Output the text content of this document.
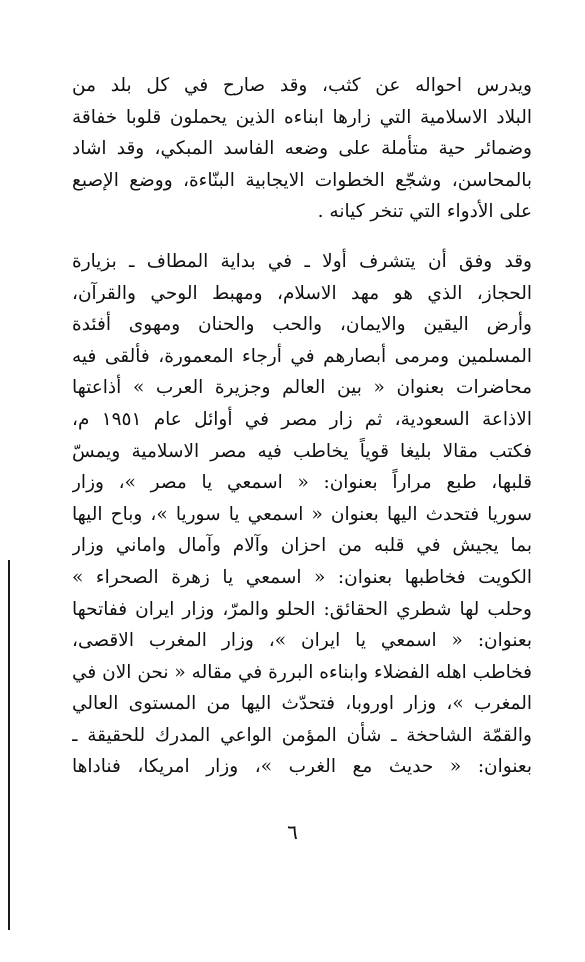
ويدرس احواله عن كثب، وقد صارح في كل بلد من
البلاد الاسلامية التي زارها ابناءه الذين يحملون قلوبا خفاقة
وضمائر حية متأملة على وضعه الفاسد المبكي، وقد اشاد
بالمحاسن، وشجّع الخطوات الايجابية البنّاءة، ووضع الإصبع
على الأدواء التي تنخر كيانه .

وقد وفق أن يتشرف أولا ـ في بداية المطاف ـ بزيارة
الحجاز، الذي هو مهد الاسلام، ومهبط الوحي والقرآن،
وأرض اليقين والايمان، والحب والحنان ومهوى أفئدة
المسلمين ومرمى أبصارهم في أرجاء المعمورة، فألقى فيه
محاضرات بعنوان « بين العالم وجزيرة العرب » أذاعتها
الاذاعة السعودية، ثم زار مصر في أوائل عام ١٩٥١ م،
فكتب مقالا بليغا قوياً يخاطب فيه مصر الاسلامية ويمسّ
قلبها، طبع مراراً بعنوان: « اسمعي يا مصر »، وزار
سوريا فتحدث اليها بعنوان « اسمعي يا سوريا »، وباح اليها
بما يجيش في قلبه من احزان وآلام وآمال واماني وزار
الكويت فخاطبها بعنوان: « اسمعي يا زهرة الصحراء »
وحلب لها شطري الحقائق: الحلو والمرّ، وزار ايران ففاتحها
بعنوان: « اسمعي يا ايران »، وزار المغرب الاقصى،
فخاطب اهله الفضلاء وابناءه البررة في مقاله « نحن الان في
المغرب »، وزار اوروبا، فتحدّث اليها من المستوى العالي
والقمّة الشاحخة ـ شأن المؤمن الواعي المدرك للحقيقة ـ
بعنوان: « حديث مع الغرب »، وزار امريكا، فناداها

٦
